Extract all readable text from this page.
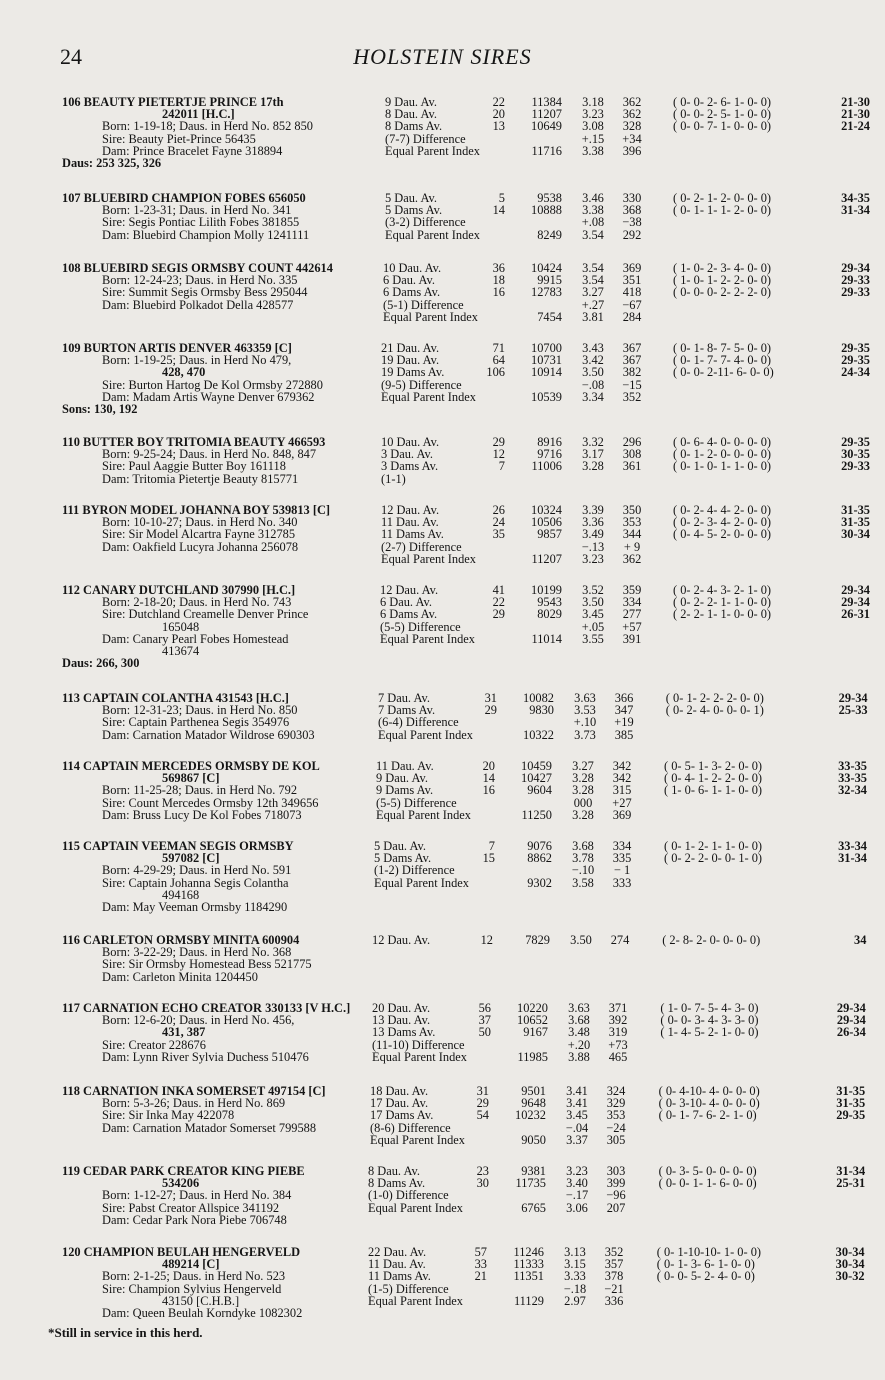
24	HOLSTEIN SIRES
106 BEAUTY PIETERTJE PRINCE 17th
242011 [H.C.]
Born: 1-19-18; Daus. in Herd No. 852 850
Sire: Beauty Piet-Prince 56435
Dam: Prince Bracelet Fayne 318894
Daus: 253 325, 326
9 Dau. Av.	22	11384	3.18	362	( 0- 0- 2- 6- 1- 0- 0)	21-30
8 Dau. Av.	20	11207	3.23	362	( 0- 0- 2- 5- 1- 0- 0)	21-30
8 Dams Av.	13	10649	3.08	328	( 0- 0- 7- 1- 0- 0- 0)	21-24
(7-7) Difference	+.15	+34
Equal Parent Index	11716	3.38	396
107 BLUEBIRD CHAMPION FOBES 656050
Born: 1-23-31; Daus. in Herd No. 341
Sire: Segis Pontiac Lilith Fobes 381855
Dam: Bluebird Champion Molly 1241111
5 Dau. Av.	5	9538	3.46	330	( 0- 2- 1- 2- 0- 0- 0)	34-35
5 Dams Av.	14	10888	3.38	368	( 0- 1- 1- 1- 2- 0- 0)	31-34
(3-2) Difference	+.08	−38
Equal Parent Index	8249	3.54	292
108 BLUEBIRD SEGIS ORMSBY COUNT 442614
Born: 12-24-23; Daus. in Herd No. 335
Sire: Summit Segis Ormsby Bess 295044
Dam: Bluebird Polkadot Della 428577
10 Dau. Av.	36	10424	3.54	369	( 1- 0- 2- 3- 4- 0- 0)	29-34
6 Dau. Av.	18	9915	3.54	351	( 1- 0- 1- 2- 2- 0- 0)	29-33
6 Dams Av.	16	12783	3.27	418	( 0- 0- 0- 2- 2- 2- 0)	29-33
(5-1) Difference	+.27	−67
Equal Parent Index	7454	3.81	284
109 BURTON ARTIS DENVER 463359 [C]
Born: 1-19-25; Daus. in Herd No 479,
428, 470
Sire: Burton Hartog De Kol Ormsby 272880
Dam: Madam Artis Wayne Denver 679362
Sons: 130, 192
21 Dau. Av.	71	10700	3.43	367	( 0- 1- 8- 7- 5- 0- 0)	29-35
19 Dau. Av.	64	10731	3.42	367	( 0- 1- 7- 7- 4- 0- 0)	29-35
19 Dams Av.	106	10914	3.50	382	( 0- 0- 2-11- 6- 0- 0)	24-34
(9-5) Difference	−.08	−15
Equal Parent Index	10539	3.34	352
110 BUTTER BOY TRITOMIA BEAUTY 466593
Born: 9-25-24; Daus. in Herd No. 848, 847
Sire: Paul Aaggie Butter Boy 161118
Dam: Tritomia Pietertje Beauty 815771
10 Dau. Av.	29	8916	3.32	296	( 0- 6- 4- 0- 0- 0- 0)	29-35
3 Dau. Av.	12	9716	3.17	308	( 0- 1- 2- 0- 0- 0- 0)	30-35
3 Dams Av.	7	11006	3.28	361	( 0- 1- 0- 1- 1- 0- 0)	29-33
(1-1)
111 BYRON MODEL JOHANNA BOY 539813 [C]
Born: 10-10-27; Daus. in Herd No. 340
Sire: Sir Model Alcartra Fayne 312785
Dam: Oakfield Lucyra Johanna 256078
12 Dau. Av.	26	10324	3.39	350	( 0- 2- 4- 4- 2- 0- 0)	31-35
11 Dau. Av.	24	10506	3.36	353	( 0- 2- 3- 4- 2- 0- 0)	31-35
11 Dams Av.	35	9857	3.49	344	( 0- 4- 5- 2- 0- 0- 0)	30-34
(2-7) Difference	−.13	+ 9
Equal Parent Index	11207	3.23	362
112 CANARY DUTCHLAND 307990 [H.C.]
Born: 2-18-20; Daus. in Herd No. 743
Sire: Dutchland Creamelle Denver Prince
165048
Dam: Canary Pearl Fobes Homestead
413674
Daus: 266, 300
12 Dau. Av.	41	10199	3.52	359	( 0- 2- 4- 3- 2- 1- 0)	29-34
6 Dau. Av.	22	9543	3.50	334	( 0- 2- 2- 1- 1- 0- 0)	29-34
6 Dams Av.	29	8029	3.45	277	( 2- 2- 1- 1- 0- 0- 0)	26-31
(5-5) Difference	+.05	+57
Equal Parent Index	11014	3.55	391
113 CAPTAIN COLANTHA 431543 [H.C.]
Born: 12-31-23; Daus. in Herd No. 850
Sire: Captain Parthenea Segis 354976
Dam: Carnation Matador Wildrose 690303
7 Dau. Av.	31	10082	3.63	366	( 0- 1- 2- 2- 2- 0- 0)	29-34
7 Dams Av.	29	9830	3.53	347	( 0- 2- 4- 0- 0- 0- 1)	25-33
(6-4) Difference	+.10	+19
Equal Parent Index	10322	3.73	385
114 CAPTAIN MERCEDES ORMSBY DE KOL
569867 [C]
Born: 11-25-28; Daus. in Herd No. 792
Sire: Count Mercedes Ormsby 12th 349656
Dam: Bruss Lucy De Kol Fobes 718073
11 Dau. Av.	20	10459	3.27	342	( 0- 5- 1- 3- 2- 0- 0)	33-35
9 Dau. Av.	14	10427	3.28	342	( 0- 4- 1- 2- 2- 0- 0)	33-35
9 Dams Av.	16	9604	3.28	315	( 1- 0- 6- 1- 1- 0- 0)	32-34
(5-5) Difference	000	+27
Equal Parent Index	11250	3.28	369
115 CAPTAIN VEEMAN SEGIS ORMSBY
597082 [C]
Born: 4-29-29; Daus. in Herd No. 591
Sire: Captain Johanna Segis Colantha
494168
Dam: May Veeman Ormsby 1184290
5 Dau. Av.	7	9076	3.68	334	( 0- 1- 2- 1- 1- 0- 0)	33-34
5 Dams Av.	15	8862	3.78	335	( 0- 2- 2- 0- 0- 1- 0)	31-34
(1-2) Difference	−.10	− 1
Equal Parent Index	9302	3.58	333
116 CARLETON ORMSBY MINITA 600904
Born: 3-22-29; Daus. in Herd No. 368
Sire: Sir Ormsby Homestead Bess 521775
Dam: Carleton Minita 1204450
12 Dau. Av.	12	7829	3.50	274	( 2- 8- 2- 0- 0- 0- 0)	34
117 CARNATION ECHO CREATOR 330133 [V H.C.]
Born: 12-6-20; Daus. in Herd No. 456,
431, 387
Sire: Creator 228676
Dam: Lynn River Sylvia Duchess 510476
20 Dau. Av.	56	10220	3.63	371	( 1- 0- 7- 5- 4- 3- 0)	29-34
13 Dau. Av.	37	10652	3.68	392	( 0- 0- 3- 4- 3- 3- 0)	29-34
13 Dams Av.	50	9167	3.48	319	( 1- 4- 5- 2- 1- 0- 0)	26-34
(11-10) Difference	+.20	+73
Equal Parent Index	11985	3.88	465
118 CARNATION INKA SOMERSET 497154 [C]
Born: 5-3-26; Daus. in Herd No. 869
Sire: Sir Inka May 422078
Dam: Carnation Matador Somerset 799588
18 Dau. Av.	31	9501	3.41	324	( 0- 4-10- 4- 0- 0- 0)	31-35
17 Dau. Av.	29	9648	3.41	329	( 0- 3-10- 4- 0- 0- 0)	31-35
17 Dams Av.	54	10232	3.45	353	( 0- 1- 7- 6- 2- 1- 0)	29-35
(8-6) Difference	−.04	−24
Equal Parent Index	9050	3.37	305
119 CEDAR PARK CREATOR KING PIEBE
534206
Born: 1-12-27; Daus. in Herd No. 384
Sire: Pabst Creator Allspice 341192
Dam: Cedar Park Nora Piebe 706748
8 Dau. Av.	23	9381	3.23	303	( 0- 3- 5- 0- 0- 0- 0)	31-34
8 Dams Av.	30	11735	3.40	399	( 0- 0- 1- 1- 6- 0- 0)	25-31
(1-0) Difference	−.17	−96
Equal Parent Index	6765	3.06	207
120 CHAMPION BEULAH HENGERVELD
489214 [C]
Born: 2-1-25; Daus. in Herd No. 523
Sire: Champion Sylvius Hengerveld
43150 [C.H.B.]
Dam: Queen Beulah Korndyke 1082302
22 Dau. Av.	57	11246	3.13	352	( 0- 1-10-10- 1- 0- 0)	30-34
11 Dau. Av.	33	11333	3.15	357	( 0- 1- 3- 6- 1- 0- 0)	30-34
11 Dams Av.	21	11351	3.33	378	( 0- 0- 5- 2- 4- 0- 0)	30-32
(1-5) Difference	−.18	−21
Equal Parent Index	11129	2.97	336
*Still in service in this herd.
